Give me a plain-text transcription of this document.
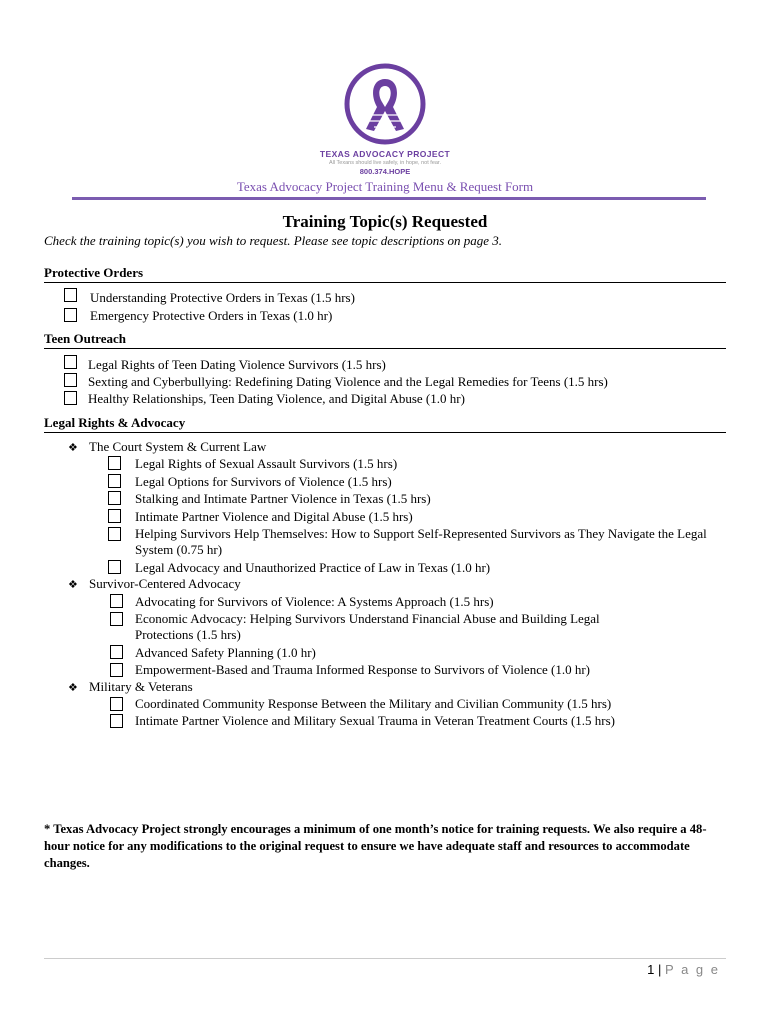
TEXAS ADVOCACY PROJECT
All Texans should live safely, in hope, not fear.
800.374.HOPE
Texas Advocacy Project Training Menu & Request Form
Training Topic(s) Requested
Check the training topic(s) you wish to request. Please see topic descriptions on page 3.
Protective Orders
Understanding Protective Orders in Texas (1.5 hrs)
Emergency Protective Orders in Texas (1.0 hr)
Teen Outreach
Legal Rights of Teen Dating Violence Survivors (1.5 hrs)
Sexting and Cyberbullying: Redefining Dating Violence and the Legal Remedies for Teens (1.5 hrs)
Healthy Relationships, Teen Dating Violence, and Digital Abuse (1.0 hr)
Legal Rights & Advocacy
❖ The Court System & Current Law
Legal Rights of Sexual Assault Survivors (1.5 hrs)
Legal Options for Survivors of Violence (1.5 hrs)
Stalking and Intimate Partner Violence in Texas (1.5 hrs)
Intimate Partner Violence and Digital Abuse (1.5 hrs)
Helping Survivors Help Themselves: How to Support Self-Represented Survivors as They Navigate the Legal System (0.75 hr)
Legal Advocacy and Unauthorized Practice of Law in Texas (1.0 hr)
❖ Survivor-Centered Advocacy
Advocating for Survivors of Violence: A Systems Approach (1.5 hrs)
Economic Advocacy: Helping Survivors Understand Financial Abuse and Building Legal Protections (1.5 hrs)
Advanced Safety Planning (1.0 hr)
Empowerment-Based and Trauma Informed Response to Survivors of Violence (1.0 hr)
❖ Military & Veterans
Coordinated Community Response Between the Military and Civilian Community (1.5 hrs)
Intimate Partner Violence and Military Sexual Trauma in Veteran Treatment Courts (1.5 hrs)
* Texas Advocacy Project strongly encourages a minimum of one month’s notice for training requests. We also require a 48-hour notice for any modifications to the original request to ensure we have adequate staff and resources to accommodate changes.
1 | P a g e
